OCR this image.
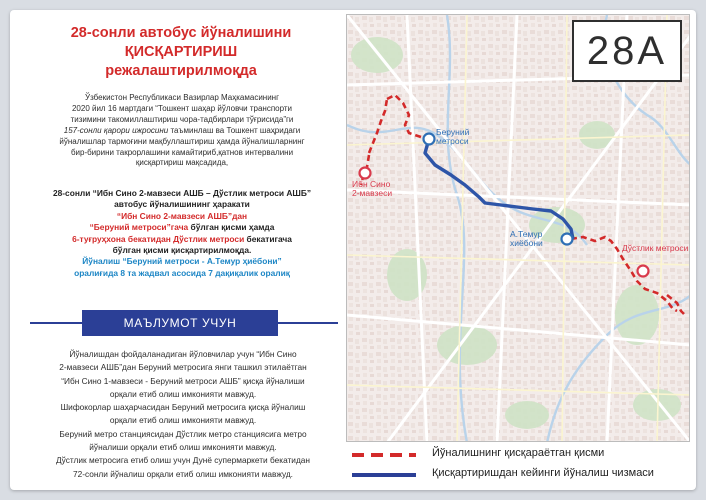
28-сонли автобус йўналишини
ҚИСҚАРТИРИШ
режалаштирилмоқда
Ўзбекистон Республикаси Вазирлар Маҳкамасининг
2020 йил 16 мартдаги “Тошкент шаҳар йўловчи транспорти
тизимини такомиллаштириш чора-тадбирлари тўғрисида”ги
157-сонли қарори ижросини таъминлаш ва Тошкент шаҳридаги
йўналишлар тармоғини мақбуллаштириш ҳамда йўналишларнинг
бир-бирини такрорлашини камайтириб,қатнов интервалини
қисқартириш мақсадида,
28-сонли “Ибн Сино 2-мавзеси АШБ – Дўстлик метроси АШБ”
автобус йўналишининг ҳаракати
“Ибн Сино 2-мавзеси АШБ”дан
“Беруний метроси”гача бўлган қисми ҳамда
6-туғруҳхона бекатидан Дўстлик метроси бекатигача
бўлган қисми қисқартирилмоқда.
Йўналиш “Беруний метроси - А.Темур ҳиёбони”
оралиғида 8 та жадвал асосида 7 дақиқалик оралиқ
МАЪЛУМОТ УЧУН
Йўналишдан фойдаланадиган йўловчилар учун “Ибн Сино
2-мавзеси АШБ”дан Беруний метросига янги ташкил этилаётган
“Ибн Сино 1-мавзеси - Беруний метроси АШБ” қисқа йўналиши
орқали етиб олиш имконияти мавжуд.
Шифокорлар шаҳарчасидан Беруний метросига қисқа йўналиш
орқали етиб олиш имконияти мавжуд.
Беруний метро станциясидан Дўстлик метро станциясига метро
йўналиши орқали етиб олиш имконияти мавжуд.
Дўстлик метросига етиб олиш учун Дунё супермаркети бекатидан
72-сонли йўналиш орқали етиб олиш имконияти мавжуд.
Беруний
метроси
А.Темур
хиёбони
Ибн Сино
2-мавзеси
Дўстлик метроси
28А
Йўналишнинг қисқараётган қисми
Қисқартиришдан кейинги йўналиш чизмаси
